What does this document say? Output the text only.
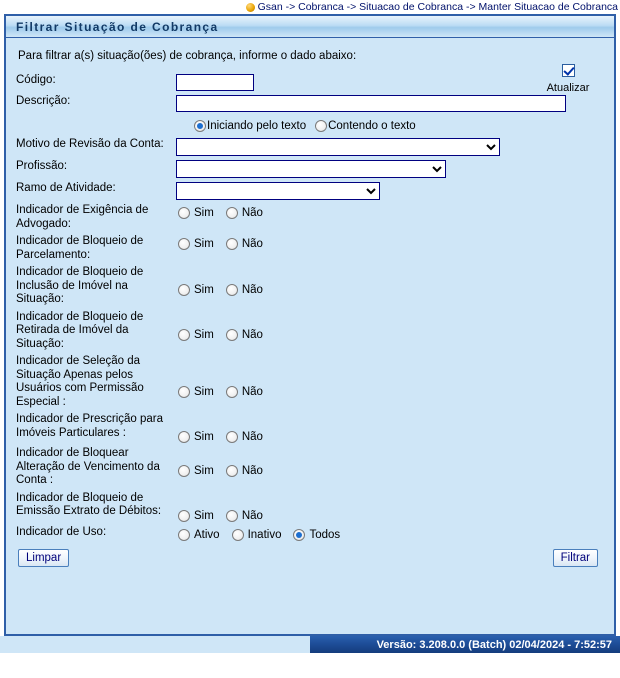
Gsan -> Cobranca -> Situacao de Cobranca -> Manter Situacao de Cobranca
Filtrar Situação de Cobrança
Para filtrar a(s) situação(ões) de cobrança, informe o dado abaixo:
Atualizar
Código:	
Descrição:	

	Iniciando pelo texto Contendo o texto

Motivo de Revisão da Conta:	

Profissão:	

Ramo de Atividade:	

Indicador de Exigência de Advogado:	Sim Não

Indicador de Bloqueio de Parcelamento:	Sim Não

Indicador de Bloqueio de Inclusão de Imóvel na Situação:	Sim Não

Indicador de Bloqueio de Retirada de Imóvel da Situação:	Sim Não

Indicador de Seleção da Situação Apenas pelos Usuários com Permissão Especial :	Sim Não

Indicador de Prescrição para Imóveis Particulares :	Sim Não

Indicador de Bloquear Alteração de Vencimento da Conta :	Sim Não

Indicador de Bloqueio de Emissão Extrato de Débitos:	Sim Não

Indicador de Uso:	Ativo Inativo Todos
Limpar	Filtrar
Versão: 3.208.0.0 (Batch) 02/04/2024 - 7:52:57
